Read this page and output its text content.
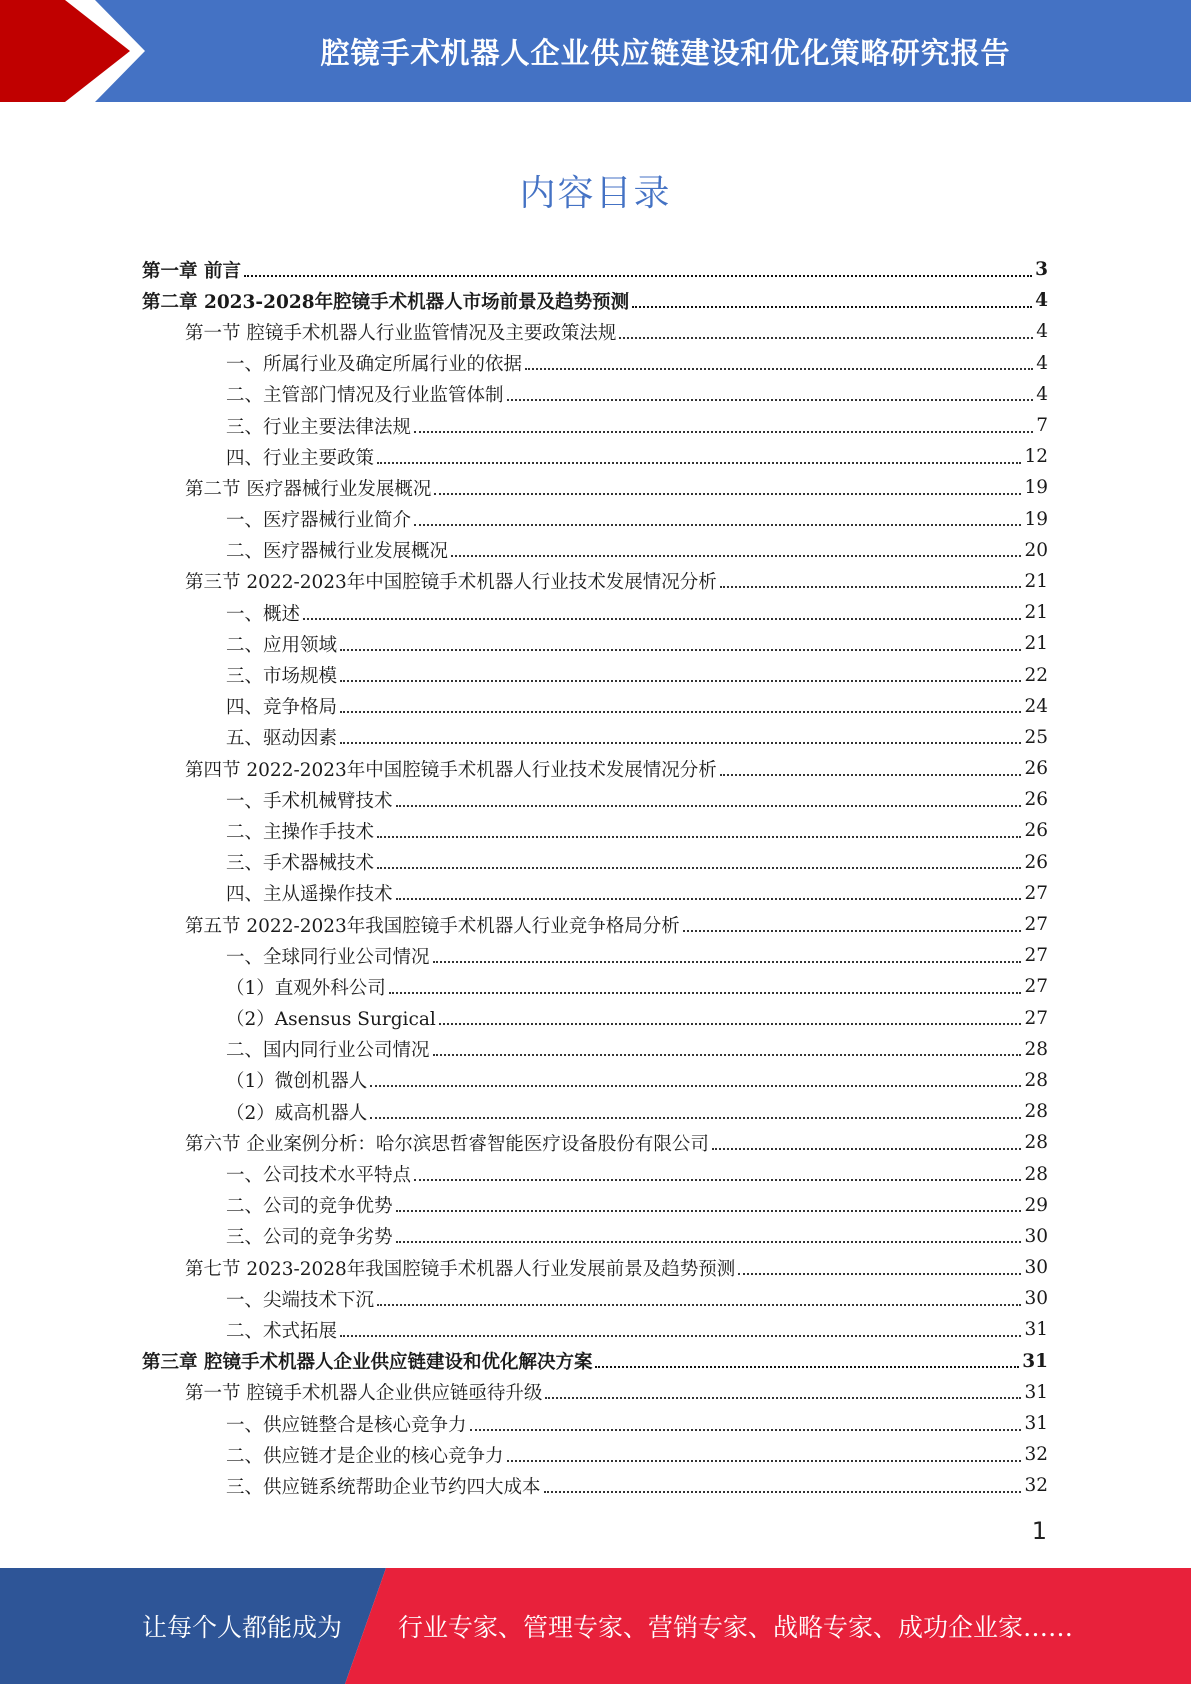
腔镜手术机器人企业供应链建设和优化策略研究报告
内容目录
第一章 前言	3
第二章 2023-2028年腔镜手术机器人市场前景及趋势预测	4
第一节 腔镜手术机器人行业监管情况及主要政策法规	4
一、所属行业及确定所属行业的依据	4
二、主管部门情况及行业监管体制	4
三、行业主要法律法规	7
四、行业主要政策	12
第二节 医疗器械行业发展概况	19
一、医疗器械行业简介	19
二、医疗器械行业发展概况	20
第三节 2022-2023年中国腔镜手术机器人行业技术发展情况分析	21
一、概述	21
二、应用领域	21
三、市场规模	22
四、竞争格局	24
五、驱动因素	25
第四节 2022-2023年中国腔镜手术机器人行业技术发展情况分析	26
一、手术机械臂技术	26
二、主操作手技术	26
三、手术器械技术	26
四、主从遥操作技术	27
第五节 2022-2023年我国腔镜手术机器人行业竞争格局分析	27
一、全球同行业公司情况	27
（1）直观外科公司	27
（2）Asensus Surgical	27
二、国内同行业公司情况	28
（1）微创机器人	28
（2）威高机器人	28
第六节 企业案例分析：哈尔滨思哲睿智能医疗设备股份有限公司	28
一、公司技术水平特点	28
二、公司的竞争优势	29
三、公司的竞争劣势	30
第七节 2023-2028年我国腔镜手术机器人行业发展前景及趋势预测	30
一、尖端技术下沉	30
二、术式拓展	31
第三章 腔镜手术机器人企业供应链建设和优化解决方案	31
第一节 腔镜手术机器人企业供应链亟待升级	31
一、供应链整合是核心竞争力	31
二、供应链才是企业的核心竞争力	32
三、供应链系统帮助企业节约四大成本	32
1
让每个人都能成为 行业专家、管理专家、营销专家、战略专家、成功企业家……
